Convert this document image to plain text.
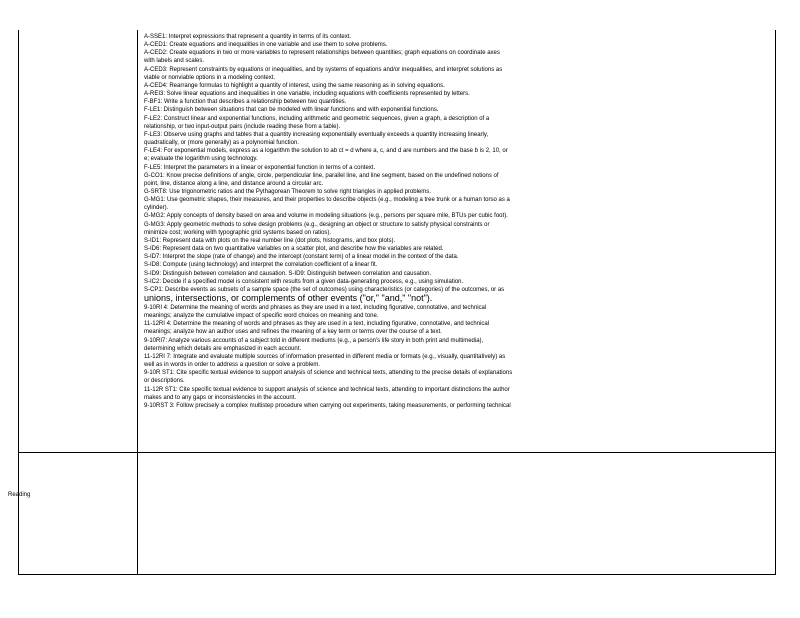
Reading
A-SSE1: Interpret expressions that represent a quantity in terms of its context.
A-CED1: Create equations and inequalities in one variable and use them to solve problems.
A-CED2: Create equations in two or more variables to represent relationships between quantities; graph equations on coordinate axes
with labels and scales.
A-CED3: Represent constraints by equations or inequalities, and by systems of equations and/or inequalities, and interpret solutions as
viable or nonviable options in a modeling context.
A-CED4: Rearrange formulas to highlight a quantity of interest, using the same reasoning as in solving equations.
A-REI3: Solve linear equations and inequalities in one variable, including equations with coefficients represented by letters.
F-BF1: Write a function that describes a relationship between two quantities.
F-LE1: Distinguish between situations that can be modeled with linear functions and with exponential functions.
F-LE2: Construct linear and exponential functions, including arithmetic and geometric sequences, given a graph, a description of a
relationship, or two input-output pairs (include reading these from a table).
F-LE3: Observe using graphs and tables that a quantity increasing exponentially eventually exceeds a quantity increasing linearly,
quadratically, or (more generally) as a polynomial function.
F-LE4: For exponential models, express as a logarithm the solution to ab ct = d where a, c, and d are numbers and the base b is 2, 10, or
e; evaluate the logarithm using technology.
F-LE5: Interpret the parameters in a linear or exponential function in terms of a context.
G-CO1: Know precise definitions of angle, circle, perpendicular line, parallel line, and line segment, based on the undefined notions of
point, line, distance along a line, and distance around a circular arc.
G-SRT8: Use trigonometric ratios and the Pythagorean Theorem to solve right triangles in applied problems.
G-MG1: Use geometric shapes, their measures, and their properties to describe objects (e.g., modeling a tree trunk or a human torso as a
cylinder).
G-MG2: Apply concepts of density based on area and volume in modeling situations (e.g., persons per square mile, BTUs per cubic foot).
G-MG3: Apply geometric methods to solve design problems (e.g., designing an object or structure to satisfy physical constraints or
minimize cost; working with typographic grid systems based on ratios).
S-ID1: Represent data with plots on the real number line (dot plots, histograms, and box plots).
S-ID6: Represent data on two quantitative variables on a scatter plot, and describe how the variables are related.
S-ID7: Interpret the slope (rate of change) and the intercept (constant term) of a linear model in the context of the data.
S-ID8: Compute (using technology) and interpret the correlation coefficient of a linear fit.
S-ID9: Distinguish between correlation and causation. S-ID9: Distinguish between correlation and causation.
S-IC2: Decide if a specified model is consistent with results from a given data-generating process, e.g., using simulation.
S-CP1: Describe events as subsets of a sample space (the set of outcomes) using characteristics (or categories) of the outcomes, or as
unions, intersections, or complements of other events ("or," "and," "not").
9-10RI 4: Determine the meaning of words and phrases as they are used in a text, including figurative, connotative, and technical
meanings; analyze the cumulative impact of specific word choices on meaning and tone.
11-12RI 4: Determine the meaning of words and phrases as they are used in a text, including figurative, connotative, and technical
meanings; analyze how an author uses and refines the meaning of a key term or terms over the course of a text.
9-10RI7: Analyze various accounts of a subject told in different mediums (e.g., a person's life story in both print and multimedia),
determining which details are emphasized in each account.
11-12RI 7: Integrate and evaluate multiple sources of information presented in different media or formats (e.g., visually, quantitatively) as
well as in words in order to address a question or solve a problem.
9-10R ST1: Cite specific textual evidence to support analysis of science and technical texts, attending to the precise details of explanations
or descriptions.
11-12R ST1: Cite specific textual evidence to support analysis of science and technical texts, attending to important distinctions the author
makes and to any gaps or inconsistencies in the account.
9-10RST 3: Follow precisely a complex multistep procedure when carrying out experiments, taking measurements, or performing technical
